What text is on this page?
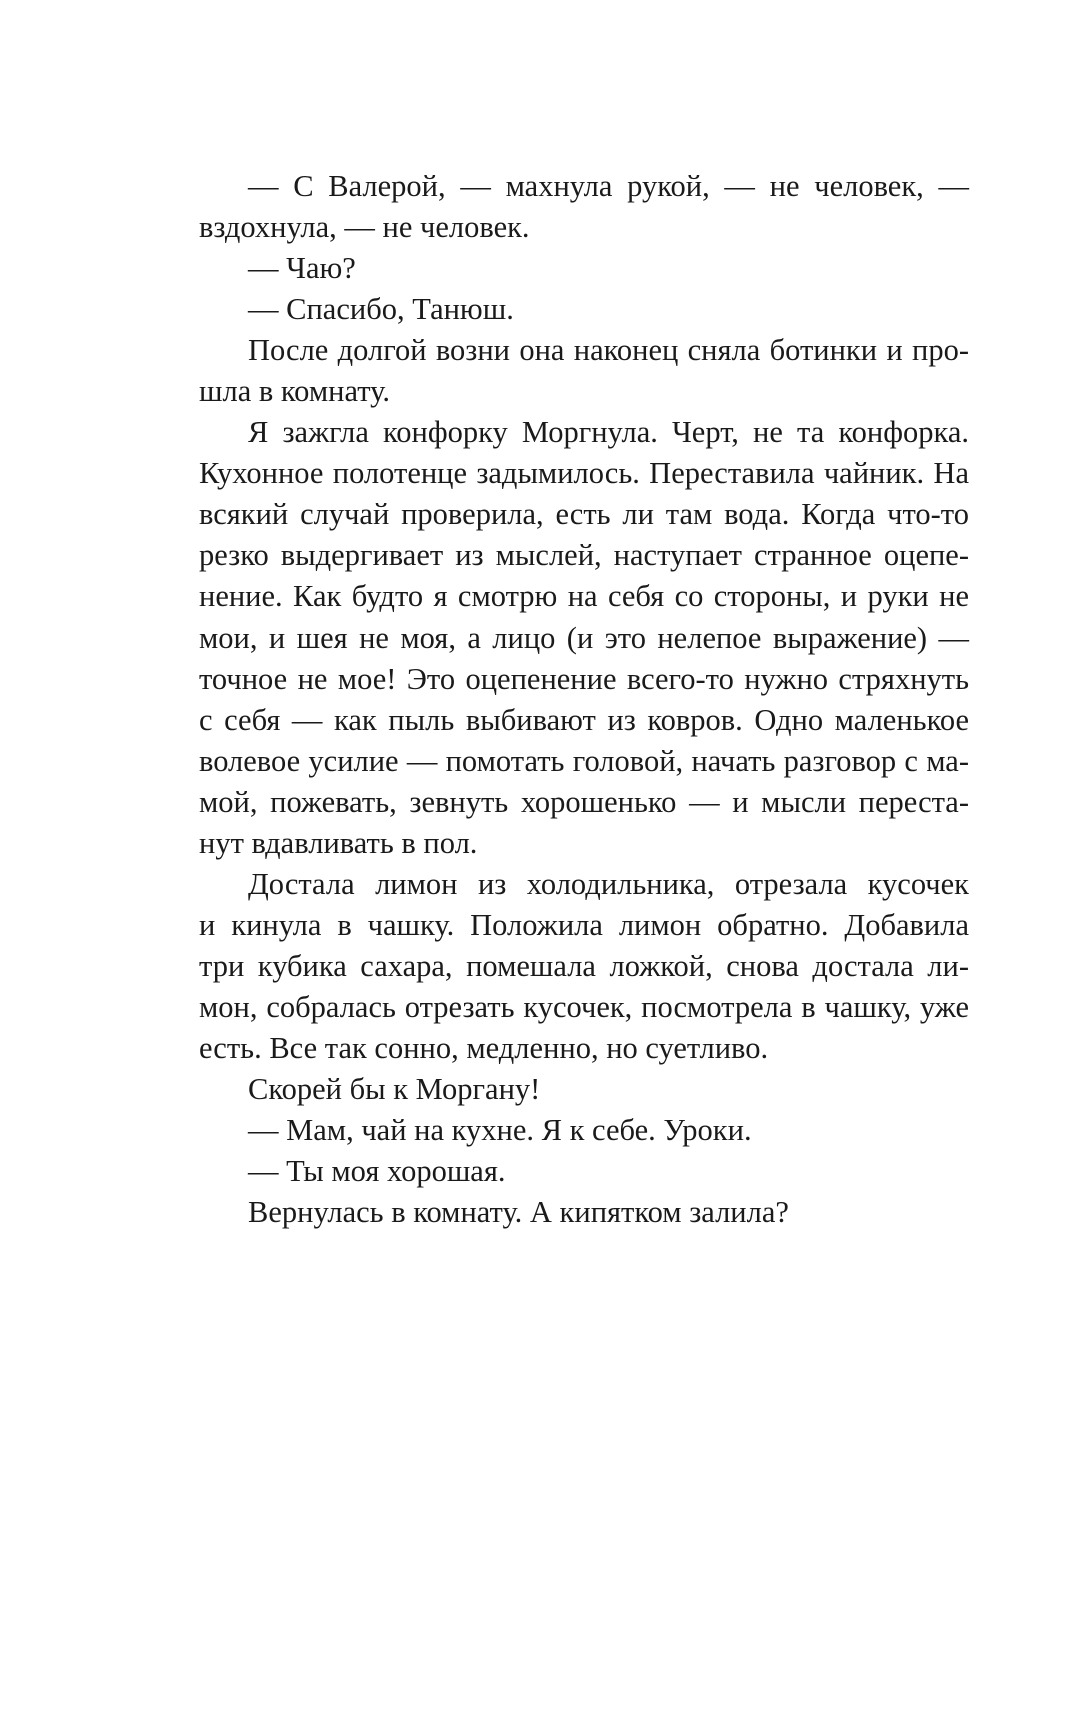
— С Валерой, — махнула рукой, — не человек, —
вздохнула, — не человек.
— Чаю?
— Спасибо, Танюш.
После долгой возни она наконец сняла ботинки и про-
шла в комнату.
Я зажгла конфорку Моргнула. Черт, не та конфорка.
Кухонное полотенце задымилось. Переставила чайник. На
всякий случай проверила, есть ли там вода. Когда что-то
резко выдергивает из мыслей, наступает странное оцепе-
нение. Как будто я смотрю на себя со стороны, и руки не
мои, и шея не моя, а лицо (и это нелепое выражение) —
точное не мое! Это оцепенение всего-то нужно стряхнуть
с себя — как пыль выбивают из ковров. Одно маленькое
волевое усилие — помотать головой, начать разговор с ма-
мой, пожевать, зевнуть хорошенько — и мысли переста-
нут вдавливать в пол.
Достала лимон из холодильника, отрезала кусочек
и кинула в чашку. Положила лимон обратно. Добавила
три кубика сахара, помешала ложкой, снова достала ли-
мон, собралась отрезать кусочек, посмотрела в чашку, уже
есть. Все так сонно, медленно, но суетливо.
Скорей бы к Моргану!
— Мам, чай на кухне. Я к себе. Уроки.
— Ты моя хорошая.
Вернулась в комнату. А кипятком залила?
